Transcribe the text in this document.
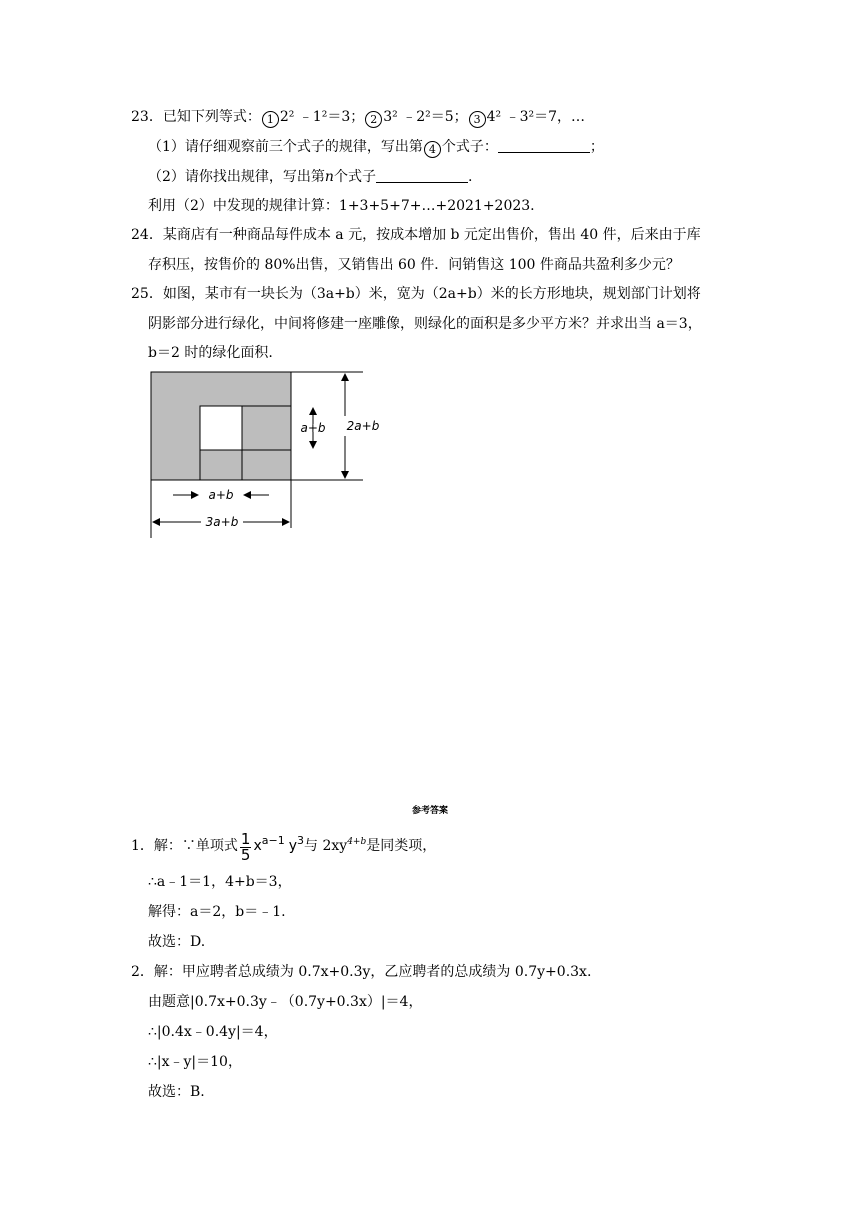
23．已知下列等式： 1 2² ﹣1²＝3； 2 3² ﹣2²＝5； 3 4² ﹣3²＝7，…
（1）请仔细观察前三个式子的规律，写出第 4 个式子：	；
（2）请你找出规律，写出第n个式子	.
利用（2）中发现的规律计算：1+3+5+7+…+2021+2023.
24．某商店有一种商品每件成本 a 元，按成本增加 b 元定出售价，售出 40 件，后来由于库
存积压，按售价的 80%出售，又销售出 60 件．问销售这 100 件商品共盈利多少元？
25．如图，某市有一块长为（3a+b）米，宽为（2a+b）米的长方形地块，规划部门计划将
阴影部分进行绿化，中间将修建一座雕像，则绿化的面积是多少平方米？并求出当 a＝3，
b＝2 时的绿化面积.
a+b 2a+b
a+b
3a+b
参考答案
1．解：∵单项式 $\frac{1}{5} x^{a-1}$ $y^3$与 $2xy^{4+b}$是同类项，
∴a﹣1＝1，4+b＝3，
解得：a＝2，b＝﹣1.
故选：D.
2．解：甲应聘者总成绩为 0.7x+0.3y，乙应聘者的总成绩为 0.7y+0.3x.
由题意|0.7x+0.3y﹣（0.7y+0.3x）|＝4，
∴|0.4x﹣0.4y|＝4，
∴|x﹣y|＝10，
故选：B.
